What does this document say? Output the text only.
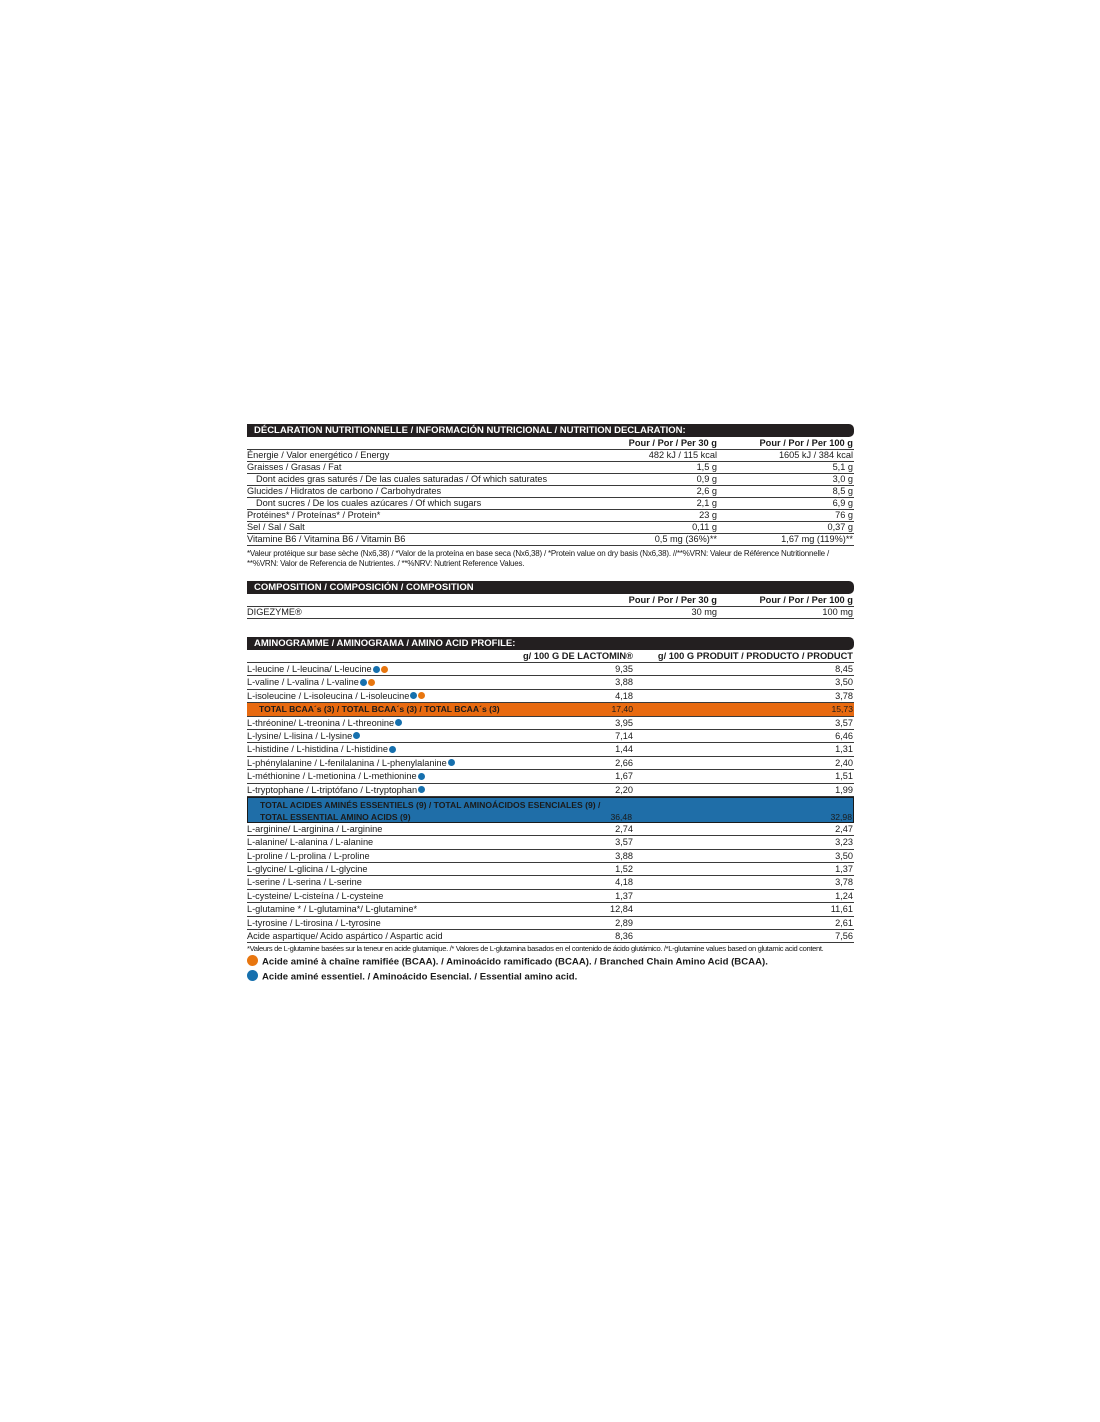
DÉCLARATION NUTRITIONNELLE / INFORMACIÓN NUTRICIONAL / NUTRITION DECLARATION:
Pour / Por / Per 30 g	Pour / Por / Per 100 g
Énergie / Valor energético / Energy	482 kJ / 115 kcal	1605 kJ / 384 kcal
Graisses / Grasas / Fat	1,5 g	5,1 g
Dont acides gras saturés / De las cuales saturadas / Of which saturates	0,9 g	3,0 g
Glucides / Hidratos de carbono / Carbohydrates	2,6 g	8,5 g
Dont sucres / De los cuales azúcares / Of which sugars	2,1 g	6,9 g
Protéines* / Proteínas* / Protein*	23 g	76 g
Sel / Sal / Salt	0,11 g	0,37 g
Vitamine B6 / Vitamina B6 / Vitamin B6	0,5 mg (36%)**	1,67 mg (119%)**
*Valeur protéique sur base sèche (Nx6,38) / *Valor de la proteína en base seca (Nx6,38) / *Protein value on dry basis (Nx6,38). //**%VRN: Valeur de Référence Nutritionnelle / **%VRN: Valor de Referencia de Nutrientes. / **%NRV: Nutrient Reference Values.
COMPOSITION / COMPOSICIÓN / COMPOSITION
Pour / Por / Per 30 g	Pour / Por / Per 100 g
DIGEZYME®	30 mg	100 mg
AMINOGRAMME / AMINOGRAMA / AMINO ACID PROFILE:
g/ 100 G DE LACTOMIN®	g/ 100 G PRODUIT / PRODUCTO / PRODUCT
L-leucine / L-leucina/ L-leucine	9,35	8,45
L-valine / L-valina / L-valine	3,88	3,50
L-isoleucine / L-isoleucina / L-isoleucine	4,18	3,78
TOTAL BCAA´s (3) / TOTAL BCAA´s (3) / TOTAL BCAA´s (3)	17,40	15,73
L-thréonine/ L-treonina / L-threonine	3,95	3,57
L-lysine/ L-lisina / L-lysine	7,14	6,46
L-histidine / L-histidina / L-histidine	1,44	1,31
L-phénylalanine / L-fenilalanina / L-phenylalanine	2,66	2,40
L-méthionine / L-metionina / L-methionine	1,67	1,51
L-tryptophane / L-triptófano / L-tryptophan	2,20	1,99
TOTAL ACIDES AMINÉS ESSENTIELS (9) / TOTAL AMINOÁCIDOS ESENCIALES (9) /
TOTAL ESSENTIAL AMINO ACIDS (9)	36,48	32,98
L-arginine/ L-arginina / L-arginine	2,74	2,47
L-alanine/ L-alanina / L-alanine	3,57	3,23
L-proline / L-prolina / L-proline	3,88	3,50
L-glycine/ L-glicina / L-glycine	1,52	1,37
L-serine / L-serina / L-serine	4,18	3,78
L-cysteine/ L-cisteína / L-cysteine	1,37	1,24
L-glutamine * / L-glutamina*/ L-glutamine*	12,84	11,61
L-tyrosine / L-tirosina / L-tyrosine	2,89	2,61
Acide aspartique/ Acido aspártico / Aspartic acid	8,36	7,56
*Valeurs de L-glutamine basées sur la teneur en acide glutamique. /* Valores de L-glutamina basados en el contenido de ácido glutámico. /*L-glutamine values based on glutamic acid content.
Acide aminé à chaîne ramifiée (BCAA). / Aminoácido ramificado (BCAA). / Branched Chain Amino Acid (BCAA).
Acide aminé essentiel. / Aminoácido Esencial. / Essential amino acid.
